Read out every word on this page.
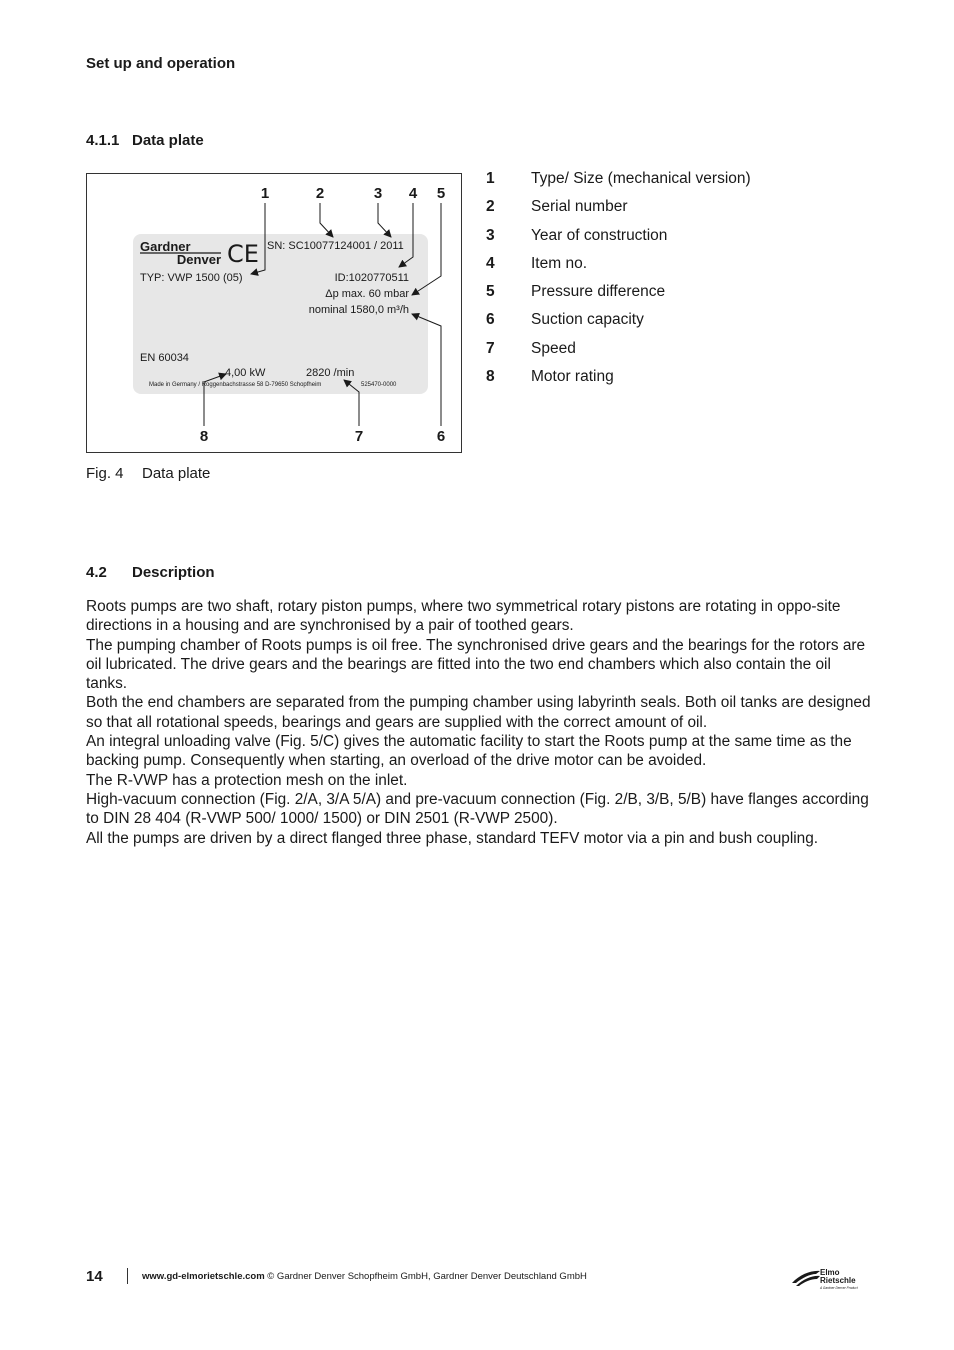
Set up and operation
4.1.1 Data plate
1	2	3 4 5
8	7	6
Gardner
Denver CE SN: SC10077124001 / 2011
TYP: VWP 1500 (05)	ID:1020770511
Δp max. 60 mbar
nominal 1580,0 m³/h
EN 60034
4,00 kW	2820 /min
Made in Germany / Roggenbachstrasse 58 D-79650 Schopfheim	525470-0000
Fig. 4 Data plate
1	Type/ Size (mechanical version)
2	Serial number
3	Year of construction
4	Item no.
5	Pressure difference
6	Suction capacity
7	Speed
8	Motor rating
4.2 Description

Roots pumps are two shaft, rotary piston pumps, where two symmetrical rotary pistons are rotating in oppo-site directions in a housing and are synchronised by a pair of toothed gears.

The pumping chamber of Roots pumps is oil free. The synchronised drive gears and the bearings for the rotors are oil lubricated. The drive gears and the bearings are fitted into the two end chambers which also contain the oil tanks.

Both the end chambers are separated from the pumping chamber using labyrinth seals. Both oil tanks are designed so that all rotational speeds, bearings and gears are supplied with the correct amount of oil.

An integral unloading valve (Fig. 5/C) gives the automatic facility to start the Roots pump at the same time as the backing pump. Consequently when starting, an overload of the drive motor can be avoided.

The R-VWP has a protection mesh on the inlet.

High-vacuum connection (Fig. 2/A, 3/A 5/A) and pre-vacuum connection (Fig. 2/B, 3/B, 5/B) have flanges according to DIN 28 404 (R-VWP 500/ 1000/ 1500) or DIN 2501 (R-VWP 2500).

All the pumps are driven by a direct flanged three phase, standard TEFV motor via a pin and bush coupling.

14	www.gd-elmorietschle.com © Gardner Denver Schopfheim GmbH, Gardner Denver Deutschland GmbH	Elmo
Rietschle
A Gardner Denver Product
